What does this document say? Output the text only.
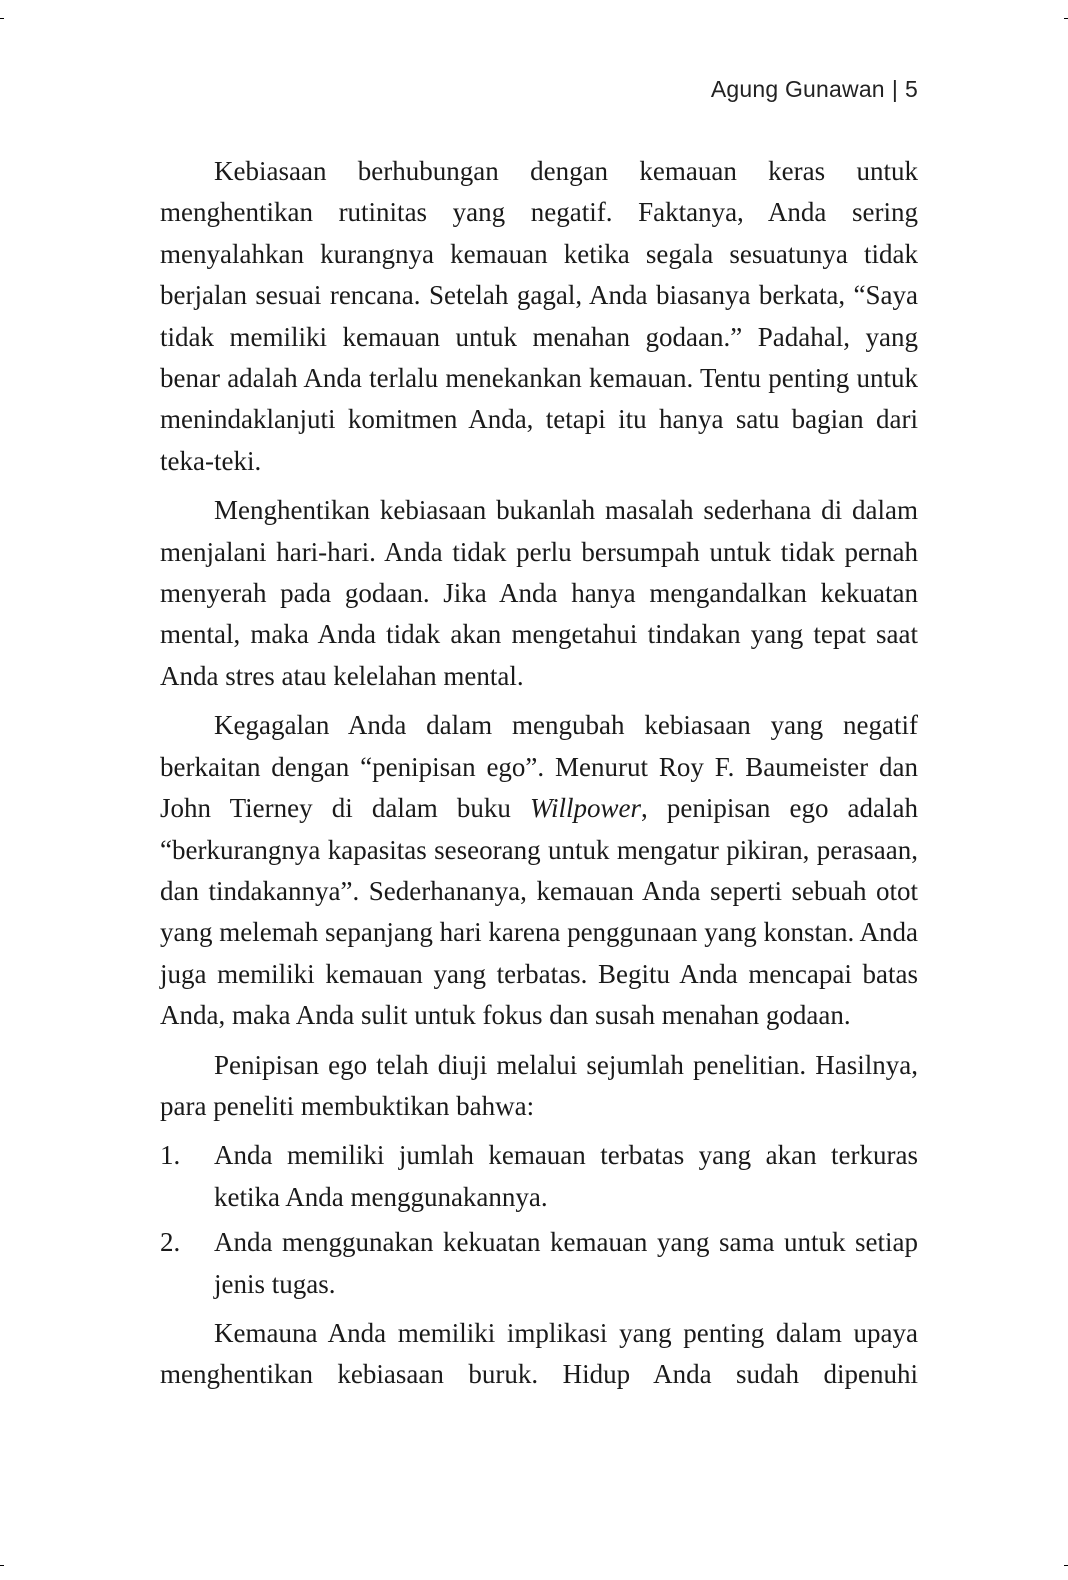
Agung Gunawan | 5

Kebiasaan berhubungan dengan kemauan keras untuk menghentikan rutinitas yang negatif. Faktanya, Anda sering menyalahkan kurangnya kemauan ketika segala sesuatunya tidak berjalan sesuai rencana. Setelah gagal, Anda biasanya berkata, “Saya tidak memiliki kemauan untuk menahan godaan.” Padahal, yang benar adalah Anda terlalu menekankan kemauan. Tentu penting untuk menindaklanjuti komitmen Anda, tetapi itu hanya satu bagian dari teka-teki.

Menghentikan kebiasaan bukanlah masalah sederhana di dalam menjalani hari-hari. Anda tidak perlu bersumpah untuk tidak pernah menyerah pada godaan. Jika Anda hanya mengandalkan kekuatan mental, maka Anda tidak akan mengetahui tindakan yang tepat saat Anda stres atau kelelahan mental.

Kegagalan Anda dalam mengubah kebiasaan yang negatif berkaitan dengan “penipisan ego”. Menurut Roy F. Baumeister dan John Tierney di dalam buku Willpower, penipisan ego adalah “berkurangnya kapasitas seseorang untuk mengatur pikiran, perasaan, dan tindakannya”. Sederhananya, kemauan Anda seperti sebuah otot yang melemah sepanjang hari karena penggunaan yang konstan. Anda juga memiliki kemauan yang terbatas. Begitu Anda mencapai batas Anda, maka Anda sulit untuk fokus dan susah menahan godaan.

Penipisan ego telah diuji melalui sejumlah penelitian. Hasilnya, para peneliti membuktikan bahwa:

1. Anda memiliki jumlah kemauan terbatas yang akan terkuras ketika Anda menggunakannya.
2. Anda menggunakan kekuatan kemauan yang sama untuk setiap jenis tugas.

Kemauna Anda memiliki implikasi yang penting dalam upaya menghentikan kebiasaan buruk. Hidup Anda sudah dipenuhi
